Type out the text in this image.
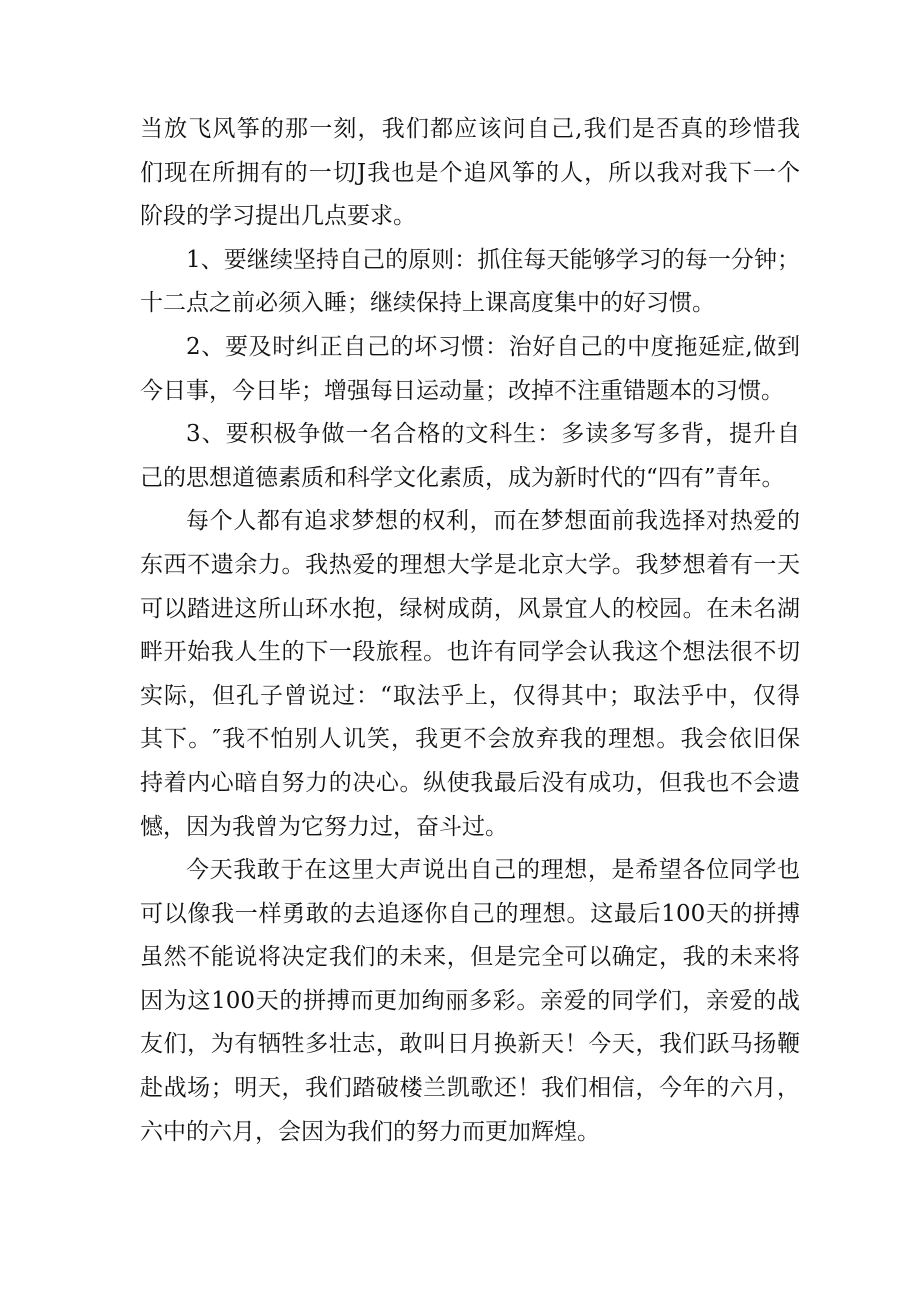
当放飞风筝的那一刻，我们都应该问自己,我们是否真的珍惜我
们现在所拥有的一切J我也是个追风筝的人，所以我对我下一个
阶段的学习提出几点要求。
1、要继续坚持自己的原则：抓住每天能够学习的每一分钟；
十二点之前必须入睡；继续保持上课高度集中的好习惯。
2、要及时纠正自己的坏习惯：治好自己的中度拖延症,做到
今日事，今日毕；增强每日运动量；改掉不注重错题本的习惯。
3、要积极争做一名合格的文科生：多读多写多背，提升自
己的思想道德素质和科学文化素质，成为新时代的“四有”青年。
每个人都有追求梦想的权利，而在梦想面前我选择对热爱的
东西不遗余力。我热爱的理想大学是北京大学。我梦想着有一天
可以踏进这所山环水抱，绿树成荫，风景宜人的校园。在未名湖
畔开始我人生的下一段旅程。也许有同学会认我这个想法很不切
实际，但孔子曾说过：“取法乎上，仅得其中；取法乎中，仅得
其下。″我不怕别人讥笑，我更不会放弃我的理想。我会依旧保
持着内心暗自努力的决心。纵使我最后没有成功，但我也不会遗
憾，因为我曾为它努力过，奋斗过。
今天我敢于在这里大声说出自己的理想，是希望各位同学也
可以像我一样勇敢的去追逐你自己的理想。这最后100天的拼搏
虽然不能说将决定我们的未来，但是完全可以确定，我的未来将
因为这100天的拼搏而更加绚丽多彩。亲爱的同学们，亲爱的战
友们，为有牺牲多壮志，敢叫日月换新天！今天，我们跃马扬鞭
赴战场；明天，我们踏破楼兰凯歌还！我们相信，今年的六月，
六中的六月，会因为我们的努力而更加辉煌。
